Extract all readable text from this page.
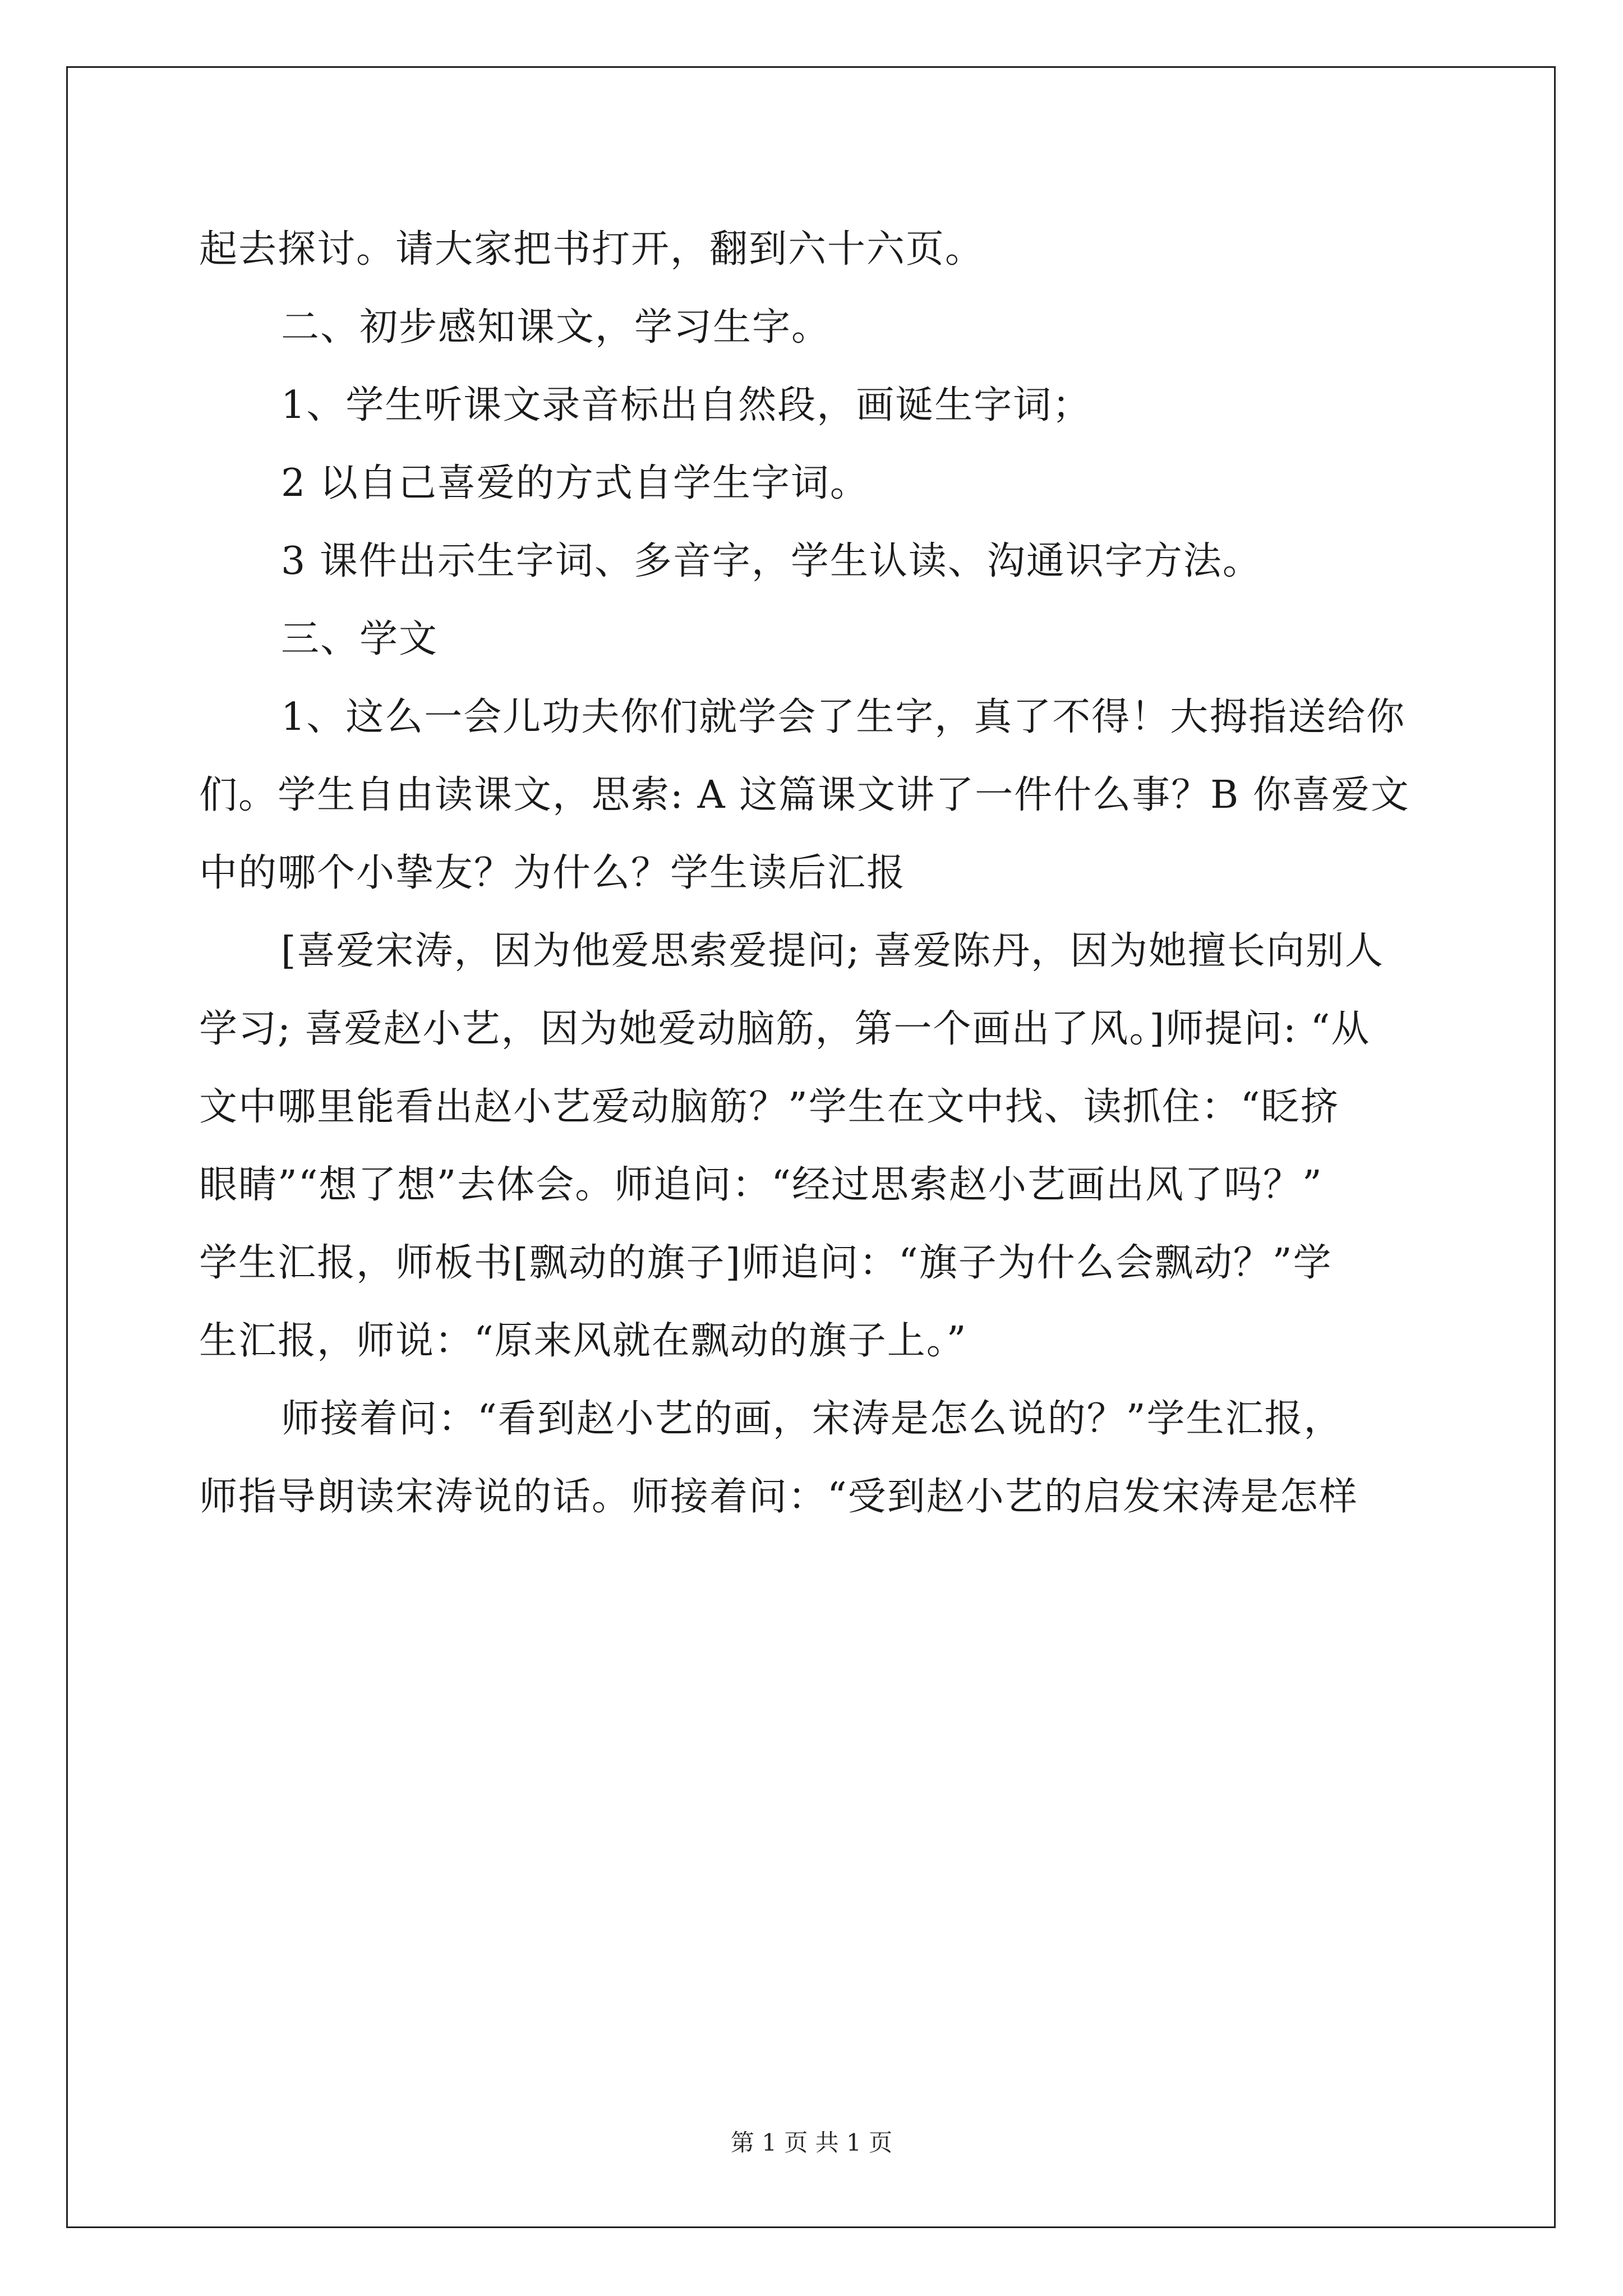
起去探讨。请大家把书打开，翻到六十六页。

二、初步感知课文，学习生字。

1、学生听课文录音标出自然段，画诞生字词；

2 以自己喜爱的方式自学生字词。

3 课件出示生字词、多音字，学生认读、沟通识字方法。

三、学文

1、这么一会儿功夫你们就学会了生字，真了不得！大拇指送给你

们。学生自由读课文，思索: A 这篇课文讲了一件什么事？B 你喜爱文

中的哪个小挚友？为什么？学生读后汇报

[喜爱宋涛，因为他爱思索爱提问; 喜爱陈丹，因为她擅长向别人

学习; 喜爱赵小艺，因为她爱动脑筋，第一个画出了风。]师提问: “从

文中哪里能看出赵小艺爱动脑筋？”学生在文中找、读抓住：“眨挤

眼睛”“想了想”去体会。师追问：“经过思索赵小艺画出风了吗？”

学生汇报，师板书[飘动的旗子]师追问：“旗子为什么会飘动？”学

生汇报，师说：“原来风就在飘动的旗子上。”

师接着问：“看到赵小艺的画，宋涛是怎么说的？”学生汇报，

师指导朗读宋涛说的话。师接着问：“受到赵小艺的启发宋涛是怎样

第 1 页 共 1 页
